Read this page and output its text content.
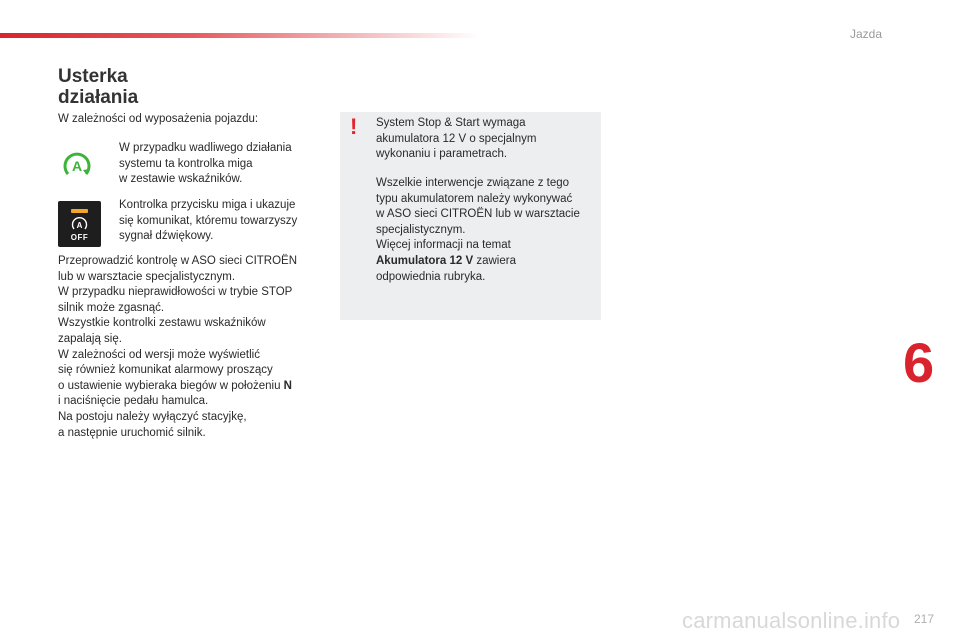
Jazda
Usterka
działania
W zależności od wyposażenia pojazdu:
A
A
OFF
W przypadku wadliwego działania
systemu ta kontrolka miga
w zestawie wskaźników.
Kontrolka przycisku miga i ukazuje
się komunikat, któremu towarzyszy
sygnał dźwiękowy.
Przeprowadzić kontrolę w ASO sieci CITROËN
lub w warsztacie specjalistycznym.
W przypadku nieprawidłowości w trybie STOP
silnik może zgasnąć.
Wszystkie kontrolki zestawu wskaźników
zapalają się.
W zależności od wersji może wyświetlić
się również komunikat alarmowy proszący
o ustawienie wybieraka biegów w położeniu N
i naciśnięcie pedału hamulca.
Na postoju należy wyłączyć stacyjkę,
a następnie uruchomić silnik.
! System Stop & Start wymaga
akumulatora 12 V o specjalnym
wykonaniu i parametrach.
Wszelkie interwencje związane z tego
typu akumulatorem należy wykonywać
w ASO sieci CITROËN lub w warsztacie
specjalistycznym.
Więcej informacji na temat
Akumulatora 12 V zawiera
odpowiednia rubryka.
6
carmanualsonline.info 217
